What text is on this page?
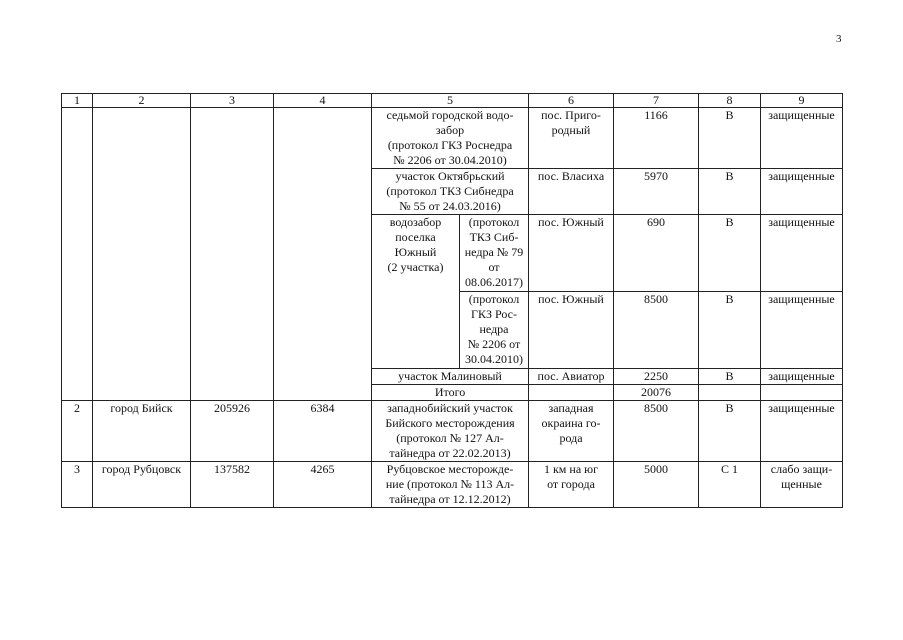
3
1	2	3	4	5		6	7	8	9
				седьмой городской водо-
забор
(протокол ГКЗ Роснедра
№ 2206 от 30.04.2010)		пос. Приго-
родный	1166	В	защищенные
				участок Октябрьский
(протокол ТКЗ Сибнедра
№ 55 от 24.03.2016)		пос. Власиха	5970	В	защищенные
				водозабор
поселка
Южный
(2 участка)	(протокол
ТКЗ Сиб-
недра № 79
от
08.06.2017)	пос. Южный	690	В	защищенные
					(протокол
ГКЗ Рос-
недра
№ 2206 от
30.04.2010)	пос. Южный	8500	В	защищенные
				участок Малиновый		пос. Авиатор	2250	В	защищенные
				Итого			20076		
2	город Бийск	205926	6384	западнобийский участок
Бийского месторождения
(протокол № 127 Ал-
тайнедра от 22.02.2013)		западная
окраина го-
рода	8500	В	защищенные
3	город Рубцовск	137582	4265	Рубцовское месторожде-
ние (протокол № 113 Ал-
тайнедра от 12.12.2012)		1 км на юг
от города	5000	С 1	слабо защи-
щенные
